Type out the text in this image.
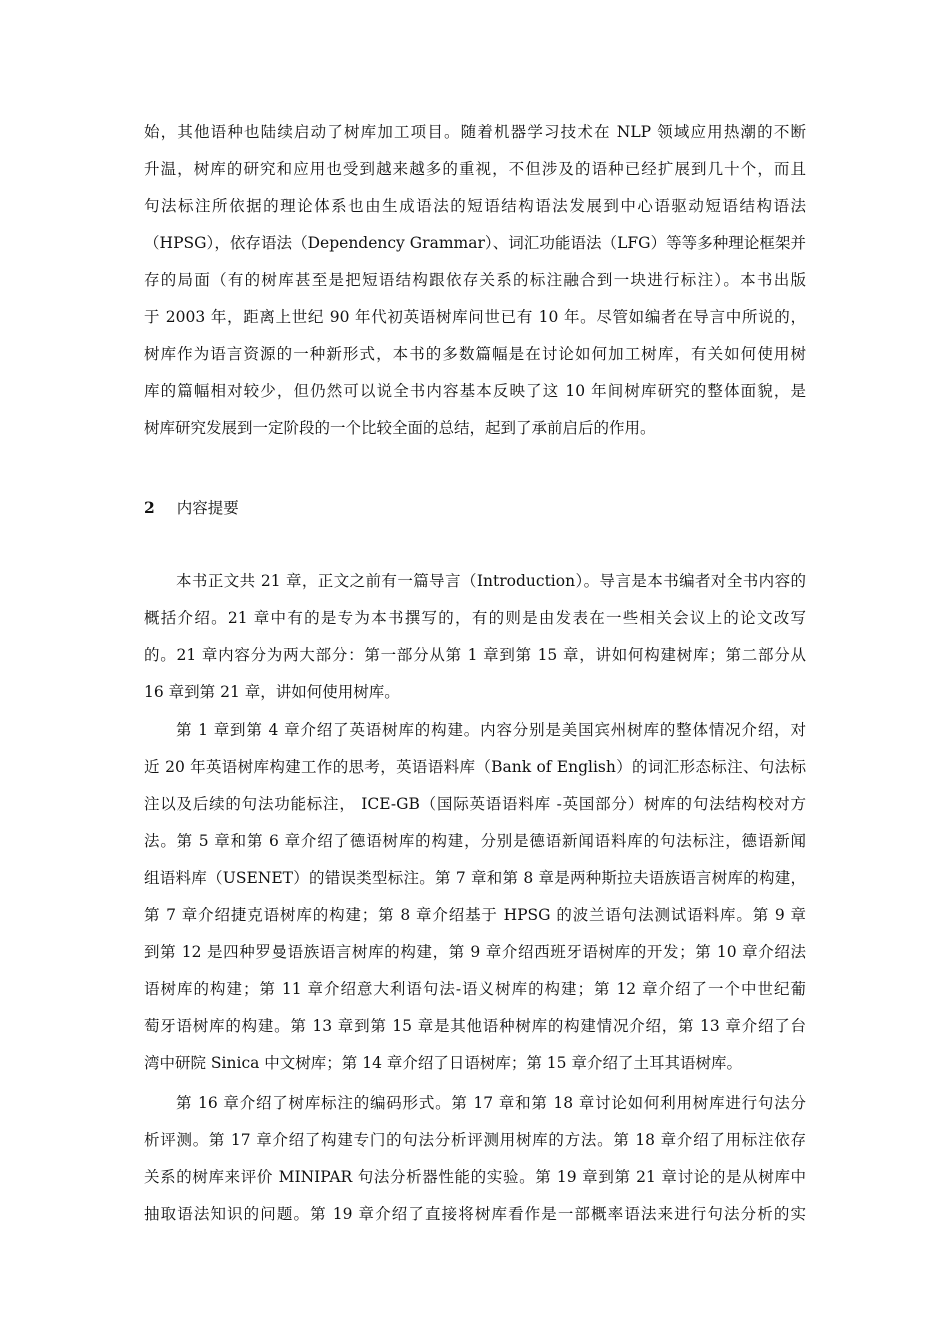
始，其他语种也陆续启动了树库加工项目。随着机器学习技术在 NLP 领域应用热潮的不断
升温，树库的研究和应用也受到越来越多的重视，不但涉及的语种已经扩展到几十个，而且
句法标注所依据的理论体系也由生成语法的短语结构语法发展到中心语驱动短语结构语法
（HPSG），依存语法（Dependency Grammar）、词汇功能语法（LFG）等等多种理论框架并
存的局面（有的树库甚至是把短语结构跟依存关系的标注融合到一块进行标注）。本书出版
于 2003 年，距离上世纪 90 年代初英语树库问世已有 10 年。尽管如编者在导言中所说的，
树库作为语言资源的一种新形式，本书的多数篇幅是在讨论如何加工树库，有关如何使用树
库的篇幅相对较少，但仍然可以说全书内容基本反映了这 10 年间树库研究的整体面貌，是
树库研究发展到一定阶段的一个比较全面的总结，起到了承前启后的作用。
2 内容提要
本书正文共 21 章，正文之前有一篇导言（Introduction）。导言是本书编者对全书内容的
概括介绍。21 章中有的是专为本书撰写的，有的则是由发表在一些相关会议上的论文改写
的。21 章内容分为两大部分：第一部分从第 1 章到第 15 章，讲如何构建树库；第二部分从
16 章到第 21 章，讲如何使用树库。
第 1 章到第 4 章介绍了英语树库的构建。内容分别是美国宾州树库的整体情况介绍，对
近 20 年英语树库构建工作的思考，英语语料库（Bank of English）的词汇形态标注、句法标
注以及后续的句法功能标注， ICE-GB（国际英语语料库 -英国部分）树库的句法结构校对方
法。第 5 章和第 6 章介绍了德语树库的构建，分别是德语新闻语料库的句法标注，德语新闻
组语料库（USENET）的错误类型标注。第 7 章和第 8 章是两种斯拉夫语族语言树库的构建，
第 7 章介绍捷克语树库的构建；第 8 章介绍基于 HPSG 的波兰语句法测试语料库。第 9 章
到第 12 是四种罗曼语族语言树库的构建，第 9 章介绍西班牙语树库的开发；第 10 章介绍法
语树库的构建；第 11 章介绍意大利语句法-语义树库的构建；第 12 章介绍了一个中世纪葡
萄牙语树库的构建。第 13 章到第 15 章是其他语种树库的构建情况介绍，第 13 章介绍了台
湾中研院 Sinica 中文树库；第 14 章介绍了日语树库；第 15 章介绍了土耳其语树库。
第 16 章介绍了树库标注的编码形式。第 17 章和第 18 章讨论如何利用树库进行句法分
析评测。第 17 章介绍了构建专门的句法分析评测用树库的方法。第 18 章介绍了用标注依存
关系的树库来评价 MINIPAR 句法分析器性能的实验。第 19 章到第 21 章讨论的是从树库中
抽取语法知识的问题。第 19 章介绍了直接将树库看作是一部概率语法来进行句法分析的实
